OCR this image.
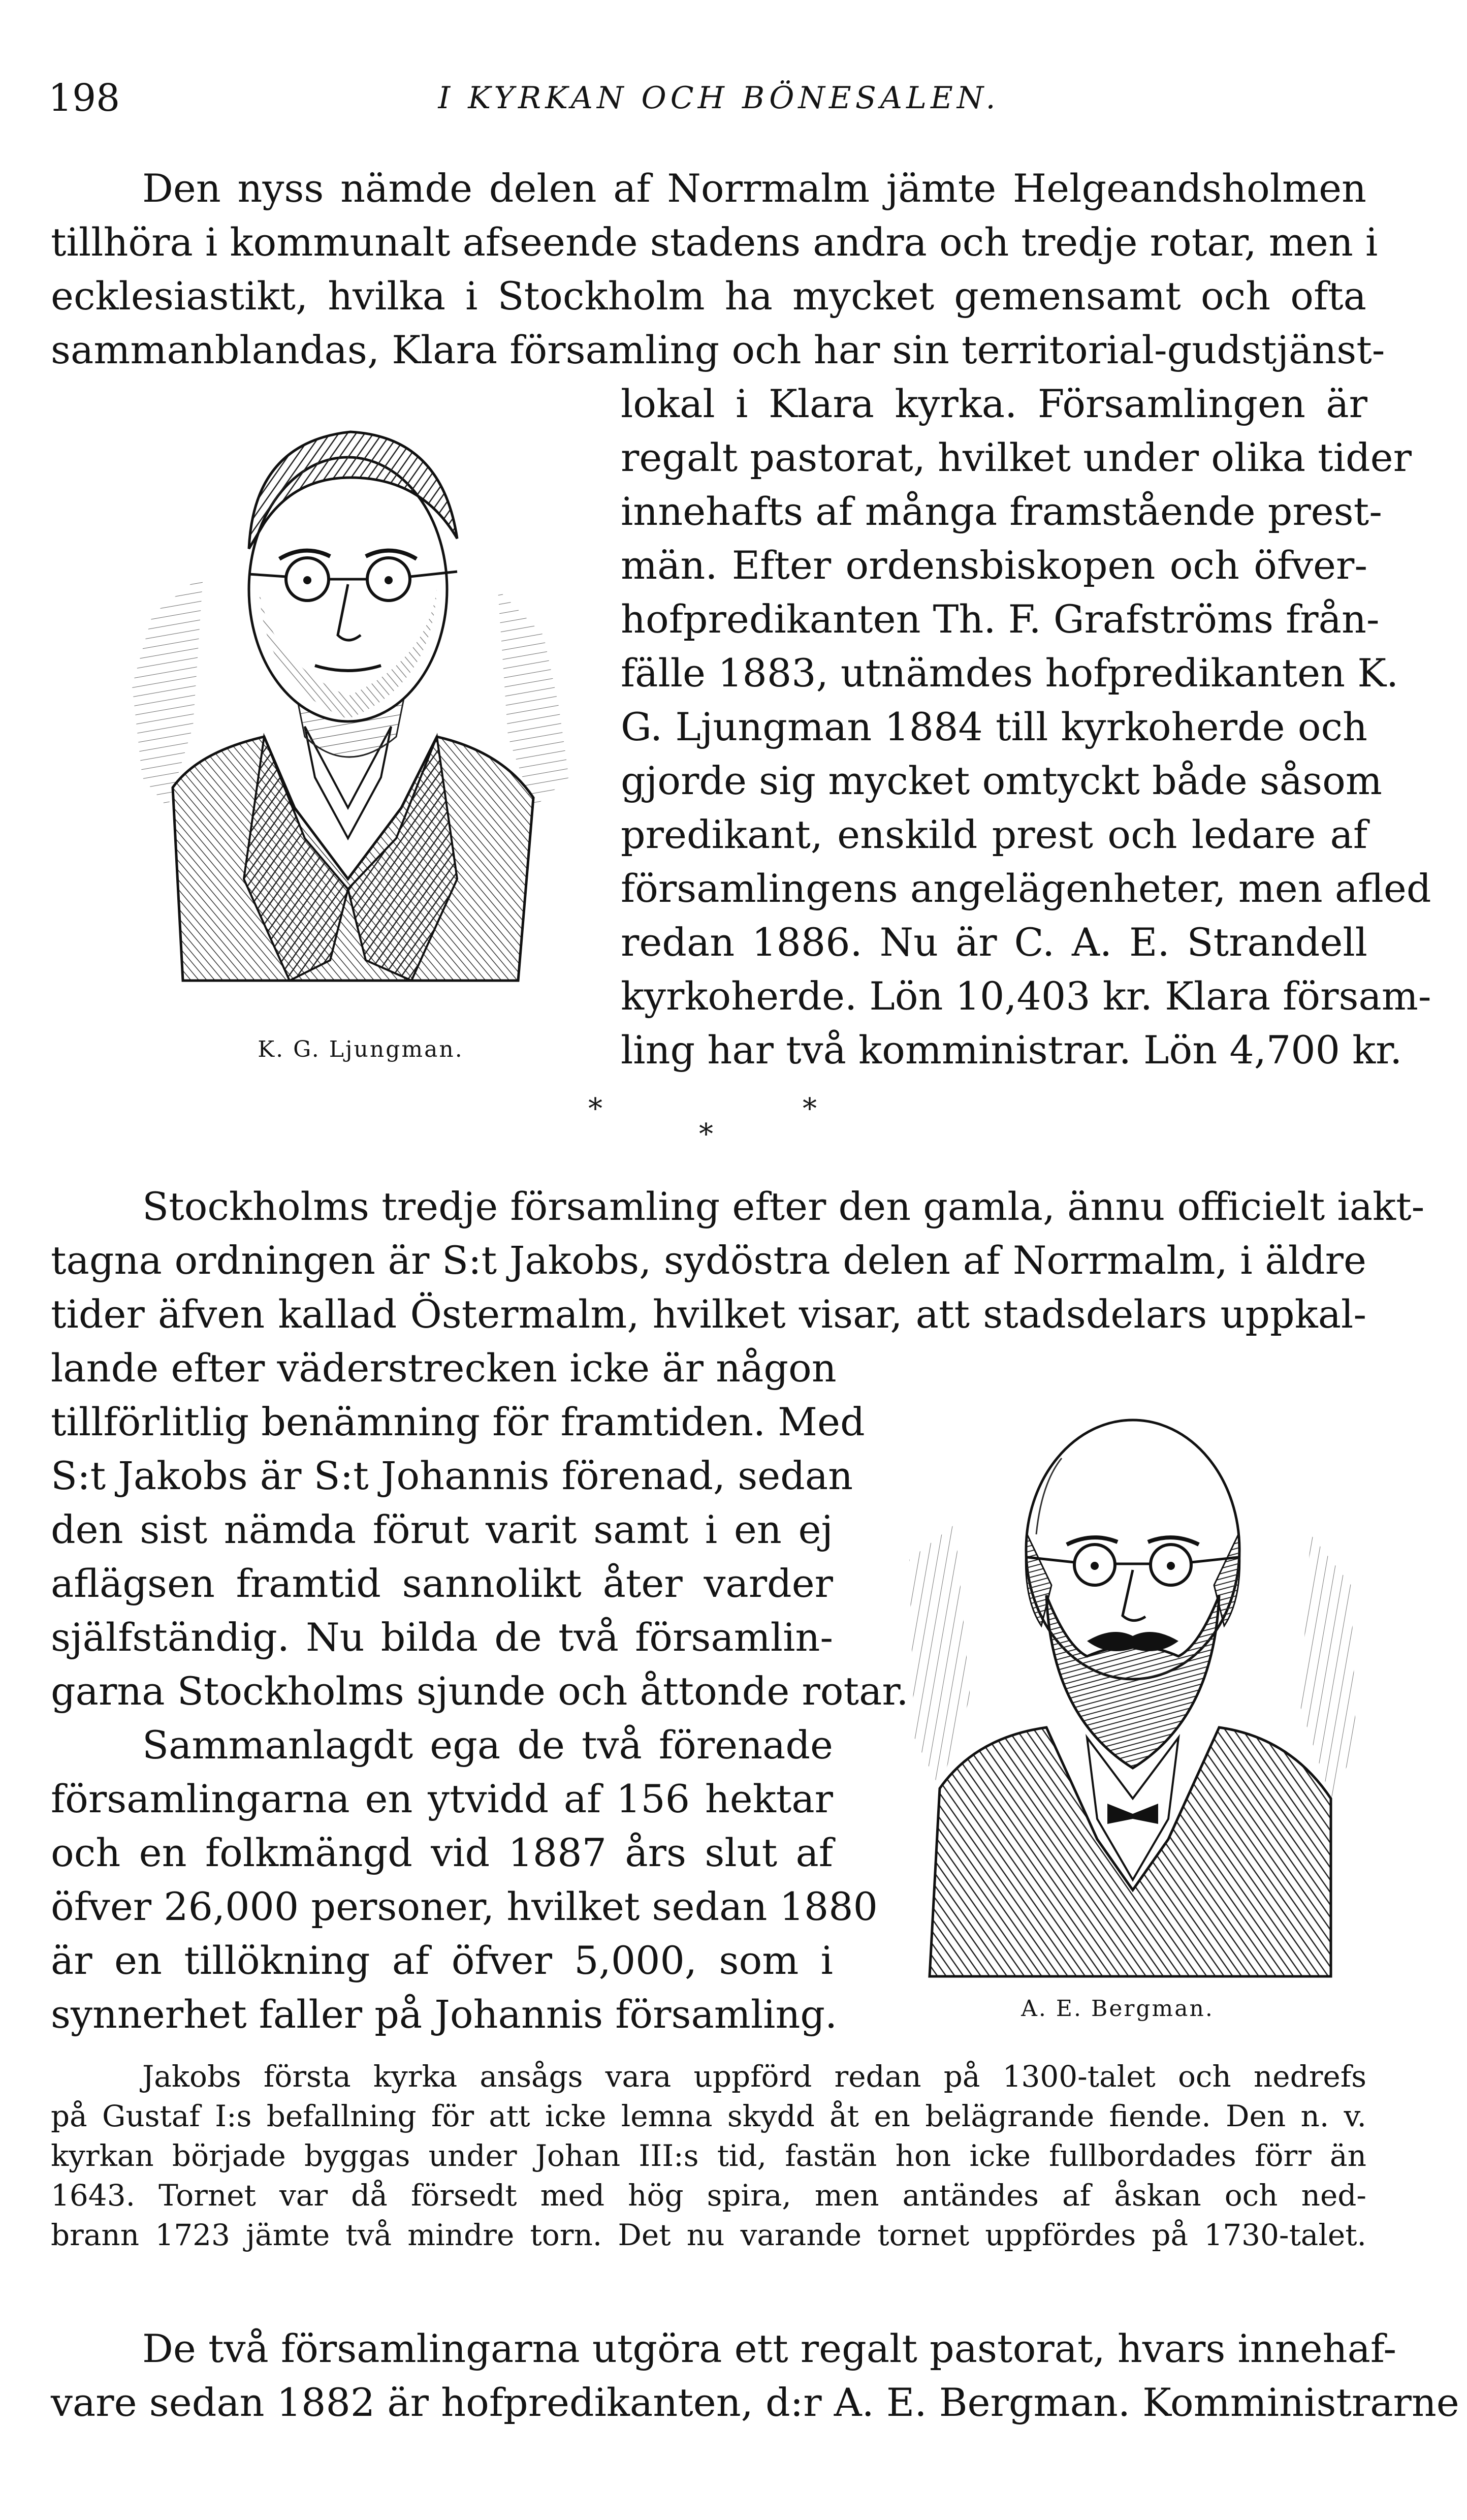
198	I KYRKAN OCH BÖNESALEN.
Den nyss nämde delen af Norrmalm jämte Helgeandsholmen
tillhöra i kommunalt afseende stadens andra och tredje rotar, men i
ecklesiastikt, hvilka i Stockholm ha mycket gemensamt och ofta
sammanblandas, Klara församling och har sin territorial-gudstjänst-
lokal i Klara kyrka. Församlingen är
regalt pastorat, hvilket under olika tider
innehafts af många framstående prest-
män. Efter ordensbiskopen och öfver-
hofpredikanten Th. F. Grafströms från-
fälle 1883, utnämdes hofpredikanten K.
G. Ljungman 1884 till kyrkoherde och
gjorde sig mycket omtyckt både såsom
predikant, enskild prest och ledare af
församlingens angelägenheter, men afled
redan 1886. Nu är C. A. E. Strandell
kyrkoherde. Lön 10,403 kr. Klara försam-
ling har två komministrar. Lön 4,700 kr.
K. G. Ljungman.
*
*
*
Stockholms tredje församling efter den gamla, ännu officielt iakt-
tagna ordningen är S:t Jakobs, sydöstra delen af Norrmalm, i äldre
tider äfven kallad Östermalm, hvilket visar, att stadsdelars uppkal-
lande efter väderstrecken icke är någon
tillförlitlig benämning för framtiden. Med
S:t Jakobs är S:t Johannis förenad, sedan
den sist nämda förut varit samt i en ej
aflägsen framtid sannolikt åter varder
själfständig. Nu bilda de två församlin-
garna Stockholms sjunde och åttonde rotar.
Sammanlagdt ega de två förenade
församlingarna en ytvidd af 156 hektar
och en folkmängd vid 1887 års slut af
öfver 26,000 personer, hvilket sedan 1880
är en tillökning af öfver 5,000, som i
synnerhet faller på Johannis församling.	A. E. Bergman.
Jakobs första kyrka ansågs vara uppförd redan på 1300-talet och nedrefs
på Gustaf I:s befallning för att icke lemna skydd åt en belägrande fiende. Den n. v.
kyrkan började byggas under Johan III:s tid, fastän hon icke fullbordades förr än
1643. Tornet var då försedt med hög spira, men antändes af åskan och ned-
brann 1723 jämte två mindre torn. Det nu varande tornet uppfördes på 1730-talet.
De två församlingarna utgöra ett regalt pastorat, hvars innehaf-
vare sedan 1882 är hofpredikanten, d:r A. E. Bergman. Komministrarne
